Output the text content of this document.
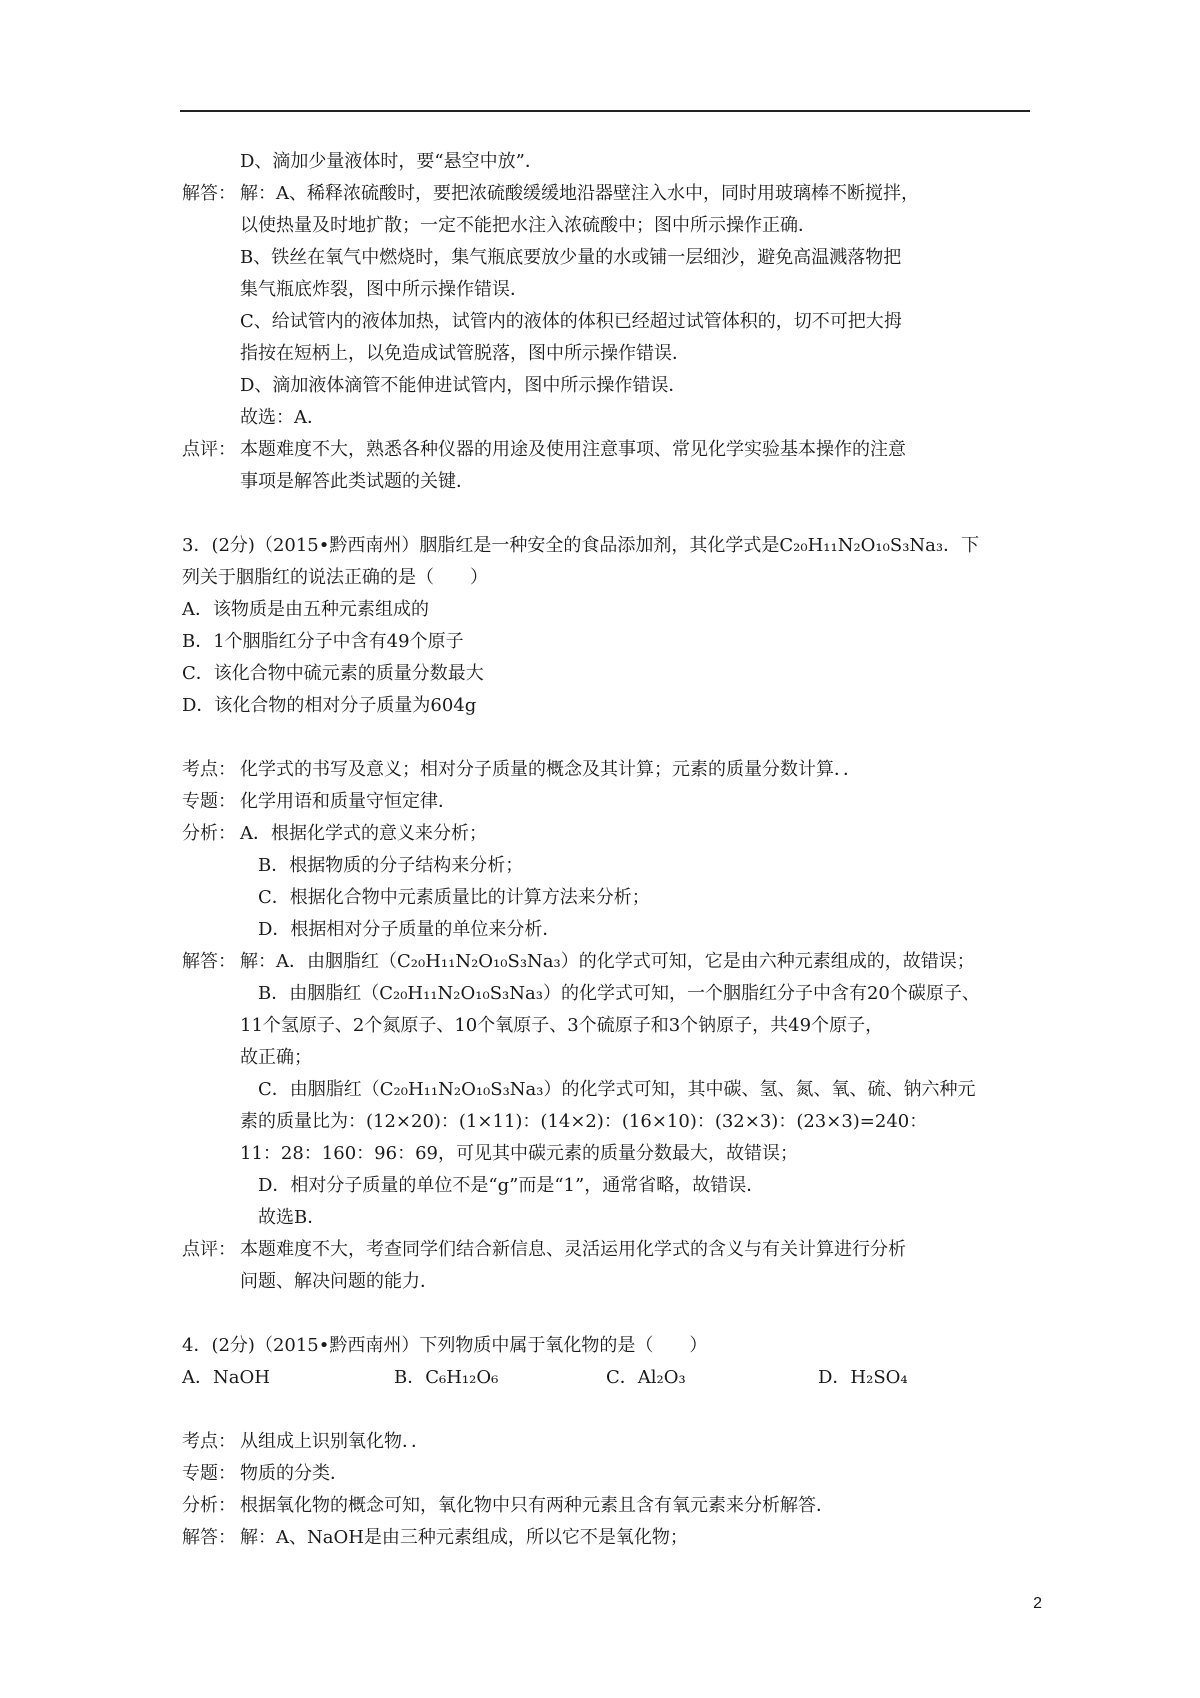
D、滴加少量液体时，要“悬空中放”．
解答： 解：A、稀释浓硫酸时，要把浓硫酸缓缓地沿器壁注入水中，同时用玻璃棒不断搅拌，
以使热量及时地扩散；一定不能把水注入浓硫酸中；图中所示操作正确．
B、铁丝在氧气中燃烧时，集气瓶底要放少量的水或铺一层细沙，避免高温溅落物把
集气瓶底炸裂，图中所示操作错误．
C、给试管内的液体加热，试管内的液体的体积已经超过试管体积的，切不可把大拇
指按在短柄上，以免造成试管脱落，图中所示操作错误．
D、滴加液体滴管不能伸进试管内，图中所示操作错误．
故选：A．
点评： 本题难度不大，熟悉各种仪器的用途及使用注意事项、常见化学实验基本操作的注意
事项是解答此类试题的关键．
3．(2分)（2015•黔西南州）胭脂红是一种安全的食品添加剂，其化学式是C₂₀H₁₁N₂O₁₀S₃Na₃．下
列关于胭脂红的说法正确的是（　　）
A．该物质是由五种元素组成的
B．1个胭脂红分子中含有49个原子
C．该化合物中硫元素的质量分数最大
D．该化合物的相对分子质量为604g
考点： 化学式的书写及意义；相对分子质量的概念及其计算；元素的质量分数计算．．
专题： 化学用语和质量守恒定律．
分析： A．根据化学式的意义来分析；
B．根据物质的分子结构来分析；
C．根据化合物中元素质量比的计算方法来分析；
D．根据相对分子质量的单位来分析．
解答： 解：A．由胭脂红（C₂₀H₁₁N₂O₁₀S₃Na₃）的化学式可知，它是由六种元素组成的，故错误；
B．由胭脂红（C₂₀H₁₁N₂O₁₀S₃Na₃）的化学式可知，一个胭脂红分子中含有20个碳原子、
11个氢原子、2个氮原子、10个氧原子、3个硫原子和3个钠原子，共49个原子，
故正确；
C．由胭脂红（C₂₀H₁₁N₂O₁₀S₃Na₃）的化学式可知，其中碳、氢、氮、氧、硫、钠六种元
素的质量比为：(12×20)：(1×11)：(14×2)：(16×10)：(32×3)：(23×3)=240：
11：28：160：96：69，可见其中碳元素的质量分数最大，故错误；
D．相对分子质量的单位不是“g”而是“1”，通常省略，故错误．
故选B．
点评： 本题难度不大，考查同学们结合新信息、灵活运用化学式的含义与有关计算进行分析
问题、解决问题的能力．
4．(2分)（2015•黔西南州）下列物质中属于氧化物的是（　　）
A．NaOH	B．C₆H₁₂O₆	C．Al₂O₃	D．H₂SO₄
考点： 从组成上识别氧化物．．
专题： 物质的分类．
分析： 根据氧化物的概念可知，氧化物中只有两种元素且含有氧元素来分析解答．
解答： 解：A、NaOH是由三种元素组成，所以它不是氧化物；
2
